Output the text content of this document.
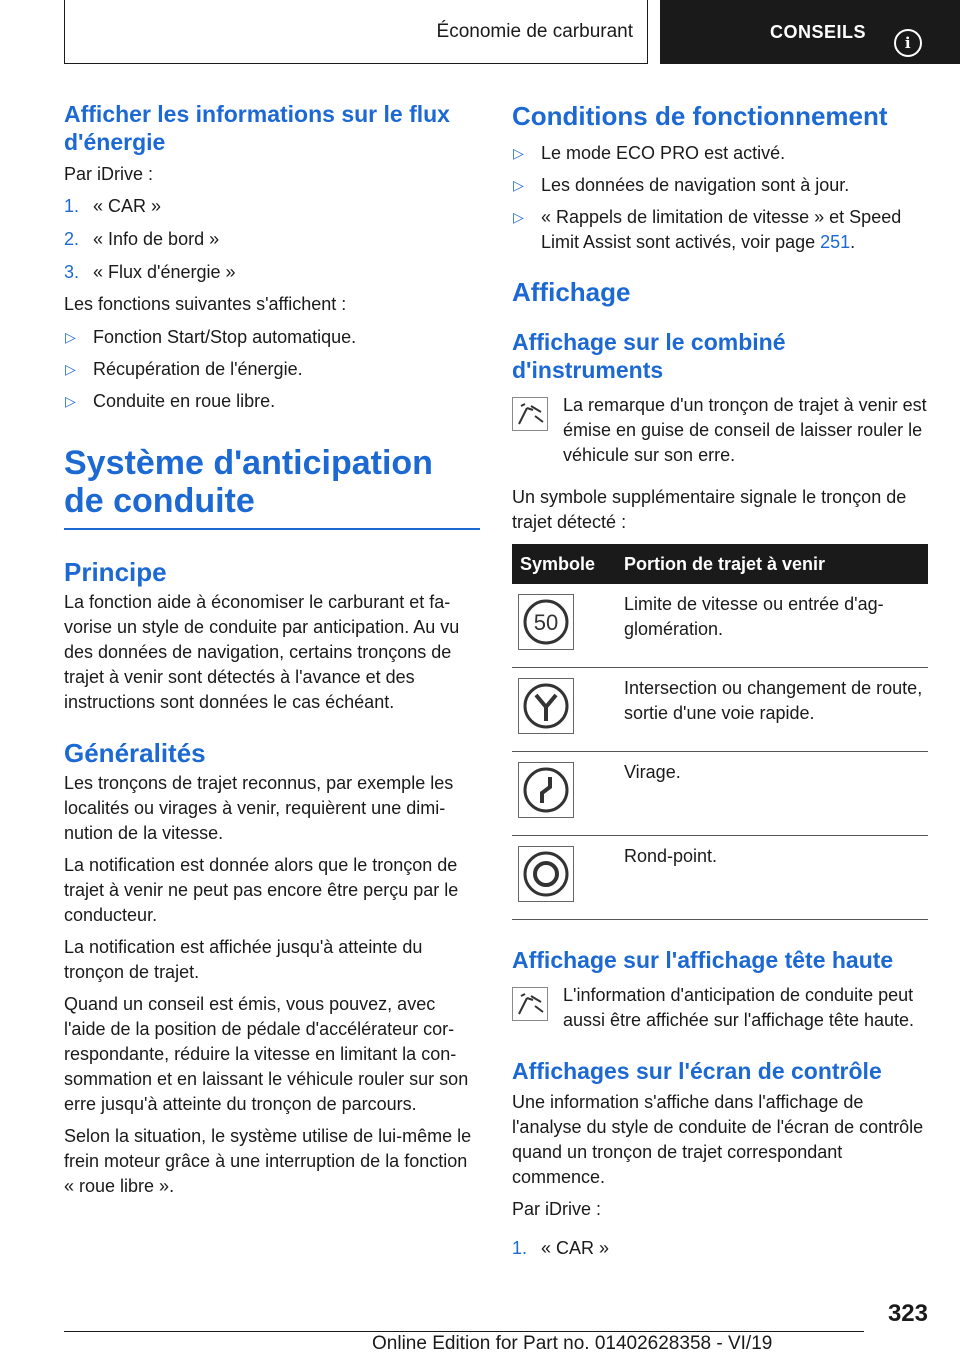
Économie de carburant	CONSEILS
i
Afficher les informations sur le flux d'énergie

Par iDrive :

1. « CAR »
2. « Info de bord »
3. « Flux d'énergie »

Les fonctions suivantes s'affichent :

▷ Fonction Start/Stop automatique.
▷ Récupération de l'énergie.
▷ Conduite en roue libre.
Système d'anticipation de conduite
Principe

La fonction aide à économiser le carburant et favorise un style de conduite par anticipation. Au vu des données de navigation, certains tronçons de trajet à venir sont détectés à l'avance et des instructions sont données le cas échéant.

Généralités

Les tronçons de trajet reconnus, par exemple les localités ou virages à venir, requièrent une diminution de la vitesse.

La notification est donnée alors que le tronçon de trajet à venir ne peut pas encore être perçu par le conducteur.

La notification est affichée jusqu'à atteinte du tronçon de trajet.

Quand un conseil est émis, vous pouvez, avec l'aide de la position de pédale d'accélérateur correspondante, réduire la vitesse en limitant la consommation et en laissant le véhicule rouler sur son erre jusqu'à atteinte du tronçon de parcours.

Selon la situation, le système utilise de lui-même le frein moteur grâce à une interruption de la fonction « roue libre ».

Conditions de fonctionnement
▷ Le mode ECO PRO est activé.
▷ Les données de navigation sont à jour.
▷ « Rappels de limitation de vitesse » et Speed Limit Assist sont activés, voir page 251.
Affichage
Affichage sur le combiné d'instruments

La remarque d'un tronçon de trajet à venir est émise en guise de conseil de laisser rouler le véhicule sur son erre.

Un symbole supplémentaire signale le tronçon de trajet détecté :

Symbole	Portion de trajet à venir

50	Limite de vitesse ou entrée d'agglomération.

Intersection ou changement de route, sortie d'une voie rapide.

Virage.

Rond-point.

Affichage sur l'affichage tête haute

L'information d'anticipation de conduite peut aussi être affichée sur l'affichage tête haute.

Affichages sur l'écran de contrôle

Une information s'affiche dans l'affichage de l'analyse du style de conduite de l'écran de contrôle quand un tronçon de trajet correspondant commence.

Par iDrive :

1. « CAR »
323
Online Edition for Part no. 01402628358 - VI/19
